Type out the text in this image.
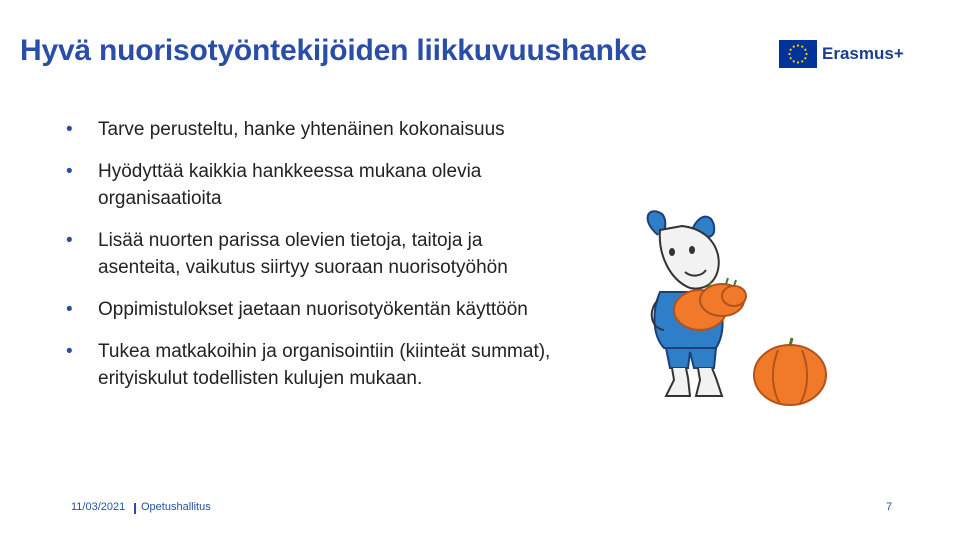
Hyvä nuorisotyöntekijöiden liikkuvuushanke	Erasmus+
• Tarve perusteltu, hanke yhtenäinen kokonaisuus
• Hyödyttää kaikkia hankkeessa mukana olevia organisaatioita
• Lisää nuorten parissa olevien tietoja, taitoja ja asenteita, vaikutus siirtyy suoraan nuorisotyöhön
• Oppimistulokset jaetaan nuorisotyökentän käyttöön
• Tukea matkakoihin ja organisointiin (kiinteät summat), erityiskulut todellisten kulujen mukaan.
11/03/2021 Opetushallitus	7
